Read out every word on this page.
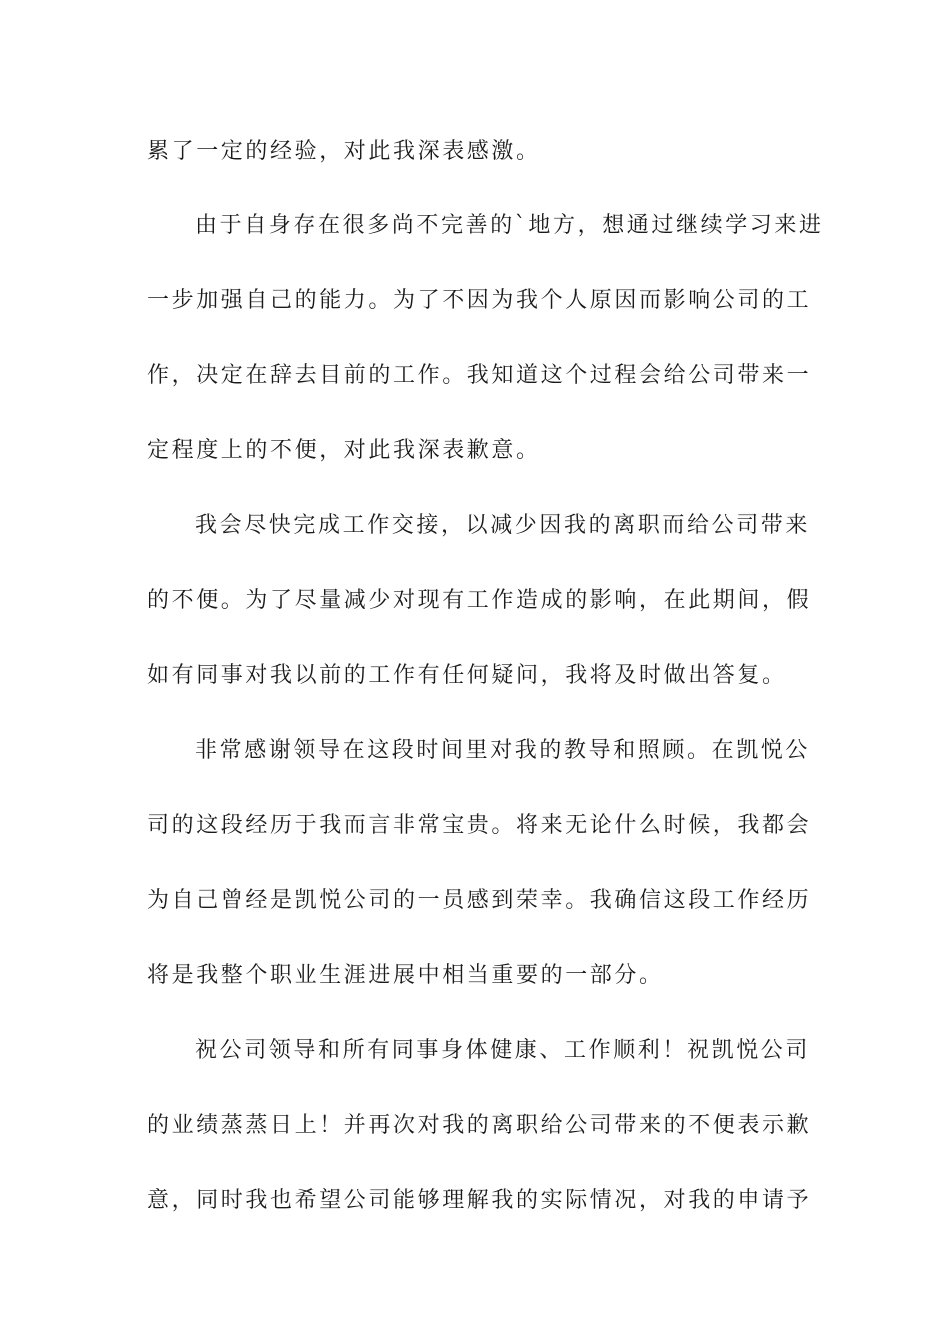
累了一定的经验，对此我深表感激。
由于自身存在很多尚不完善的`地方，想通过继续学习来进
一步加强自己的能力。为了不因为我个人原因而影响公司的工
作，决定在辞去目前的工作。我知道这个过程会给公司带来一
定程度上的不便，对此我深表歉意。
我会尽快完成工作交接，以减少因我的离职而给公司带来
的不便。为了尽量减少对现有工作造成的影响，在此期间，假
如有同事对我以前的工作有任何疑问，我将及时做出答复。
非常感谢领导在这段时间里对我的教导和照顾。在凯悦公
司的这段经历于我而言非常宝贵。将来无论什么时候，我都会
为自己曾经是凯悦公司的一员感到荣幸。我确信这段工作经历
将是我整个职业生涯进展中相当重要的一部分。
祝公司领导和所有同事身体健康、工作顺利！祝凯悦公司
的业绩蒸蒸日上！并再次对我的离职给公司带来的不便表示歉
意，同时我也希望公司能够理解我的实际情况，对我的申请予
